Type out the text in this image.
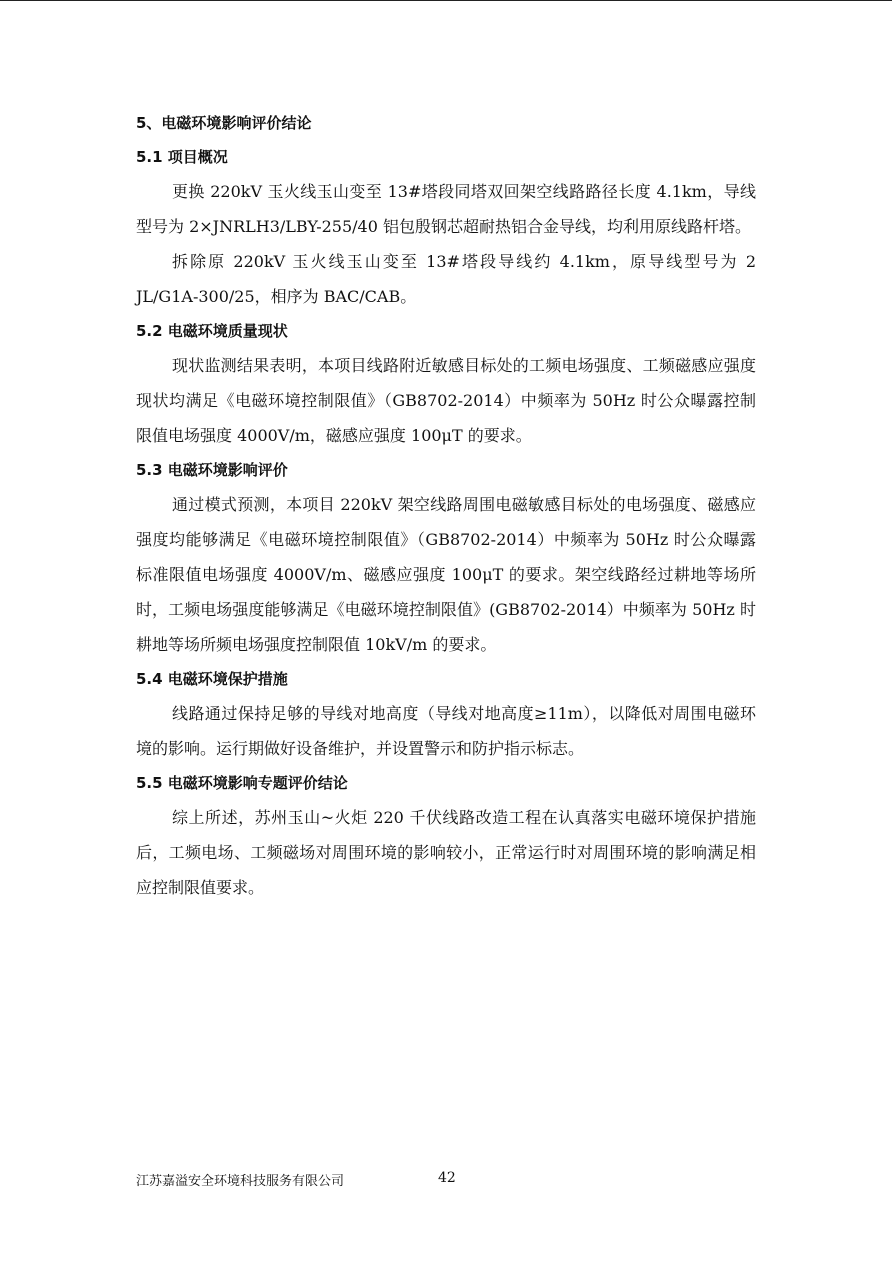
5、电磁环境影响评价结论
5.1 项目概况

更换 220kV 玉火线玉山变至 13#塔段同塔双回架空线路路径长度 4.1km，导线型号为 2×JNRLH3/LBY-255/40 铝包殷钢芯超耐热铝合金导线，均利用原线路杆塔。

拆除原 220kV 玉火线玉山变至 13#塔段导线约 4.1km，原导线型号为 2 JL/G1A-300/25，相序为 BAC/CAB。

5.2 电磁环境质量现状

现状监测结果表明，本项目线路附近敏感目标处的工频电场强度、工频磁感应强度现状均满足《电磁环境控制限值》（GB8702-2014）中频率为 50Hz 时公众曝露控制限值电场强度 4000V/m，磁感应强度 100μT 的要求。

5.3 电磁环境影响评价

通过模式预测，本项目 220kV 架空线路周围电磁敏感目标处的电场强度、磁感应强度均能够满足《电磁环境控制限值》（GB8702-2014）中频率为 50Hz 时公众曝露标准限值电场强度 4000V/m、磁感应强度 100μT 的要求。架空线路经过耕地等场所时，工频电场强度能够满足《电磁环境控制限值》(GB8702-2014）中频率为 50Hz 时耕地等场所频电场强度控制限值 10kV/m 的要求。

5.4 电磁环境保护措施

线路通过保持足够的导线对地高度（导线对地高度≥11m），以降低对周围电磁环境的影响。运行期做好设备维护，并设置警示和防护指示标志。

5.5 电磁环境影响专题评价结论

综上所述，苏州玉山~火炬 220 千伏线路改造工程在认真落实电磁环境保护措施后，工频电场、工频磁场对周围环境的影响较小，正常运行时对周围环境的影响满足相应控制限值要求。

江苏嘉溢安全环境科技服务有限公司	42
